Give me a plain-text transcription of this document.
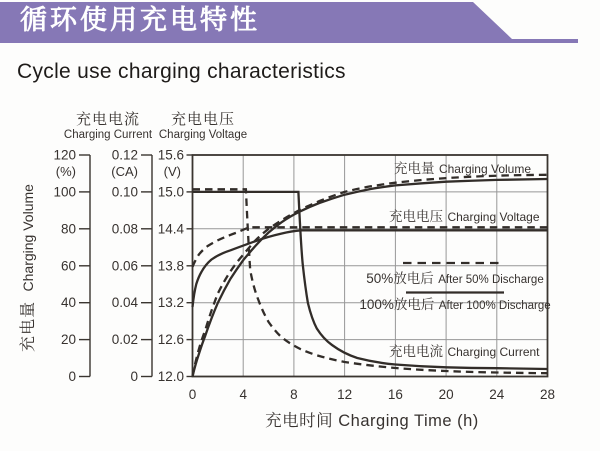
循环使用充电特性
Cycle use charging characteristics
120
(%)
100
80
60
40
20
0
0.12
(CA)
0.10
0.08
0.06
0.04
0.02
0
15.6
(V)
15.0
14.4
13.8
13.2
12.6
12.0
充电电流
Charging Current
充电电压
Charging Voltage
充电量 Charging Volume
0	4	8	12	16	20	24	28
充电时间 Charging Time (h)
充电量 Charging Volume
充电电压 Charging Voltage
充电电流 Charging Current
50%放电后 After 50% Discharge
100%放电后 After 100% Discharge
